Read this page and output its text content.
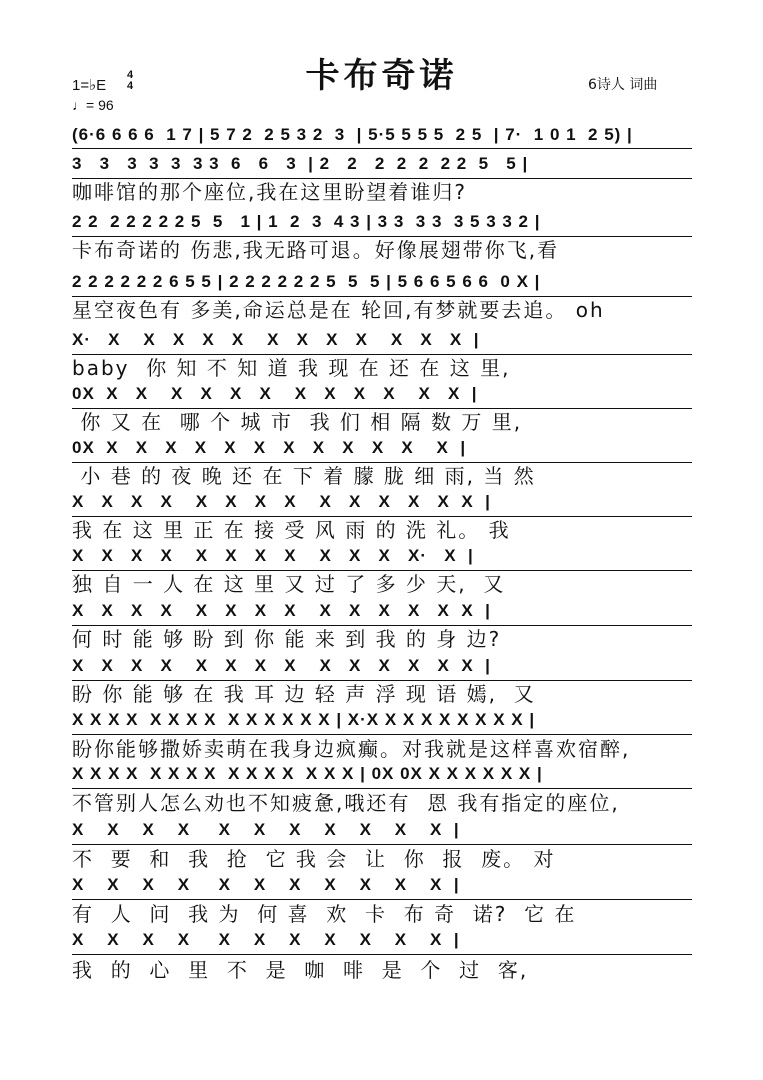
卡布奇诺
1=♭E
4
4
♩= 96
6诗人 词曲
(6·6 6 6 6  1 7 | 5 7 2  2 5 3 2  3  | 5·5 5 5 5  2 5  | 7·  1 0 1  2 5) |
3   3   3  3  3  3 3  6   6   3  | 2   2   2  2  2  2 2  5   5 |
咖啡馆的那个座位,我在这里盼望着谁归?
2 2  2 2 2 2 2 5  5   1 | 1  2  3  4 3 | 3 3  3 3  3 5 3 3 2 |
卡布奇诺的 伤悲,我无路可退。好像展翅带你飞,看
2 2 2 2 2 2 6 5 5 | 2 2 2 2 2 2 5  5  5 | 5 6 6 5 6 6  0 X |
星空夜色有 多美,命运总是在 轮回,有梦就要去追。 oh
X·   X    X   X   X   X    X   X   X   X    X   X   X  |
baby  你 知 不 知 道 我 现 在 还 在 这 里,
0X  X   X    X   X   X   X    X   X   X   X    X   X  |
你 又 在  哪 个 城 市  我 们 相 隔 数 万 里,
0X  X   X   X   X   X   X   X   X   X   X   X    X  |
小 巷 的 夜 晚 还 在 下 着 朦 胧 细 雨, 当 然
X   X   X   X    X   X   X   X    X   X   X   X   X  X  |
我 在 这 里 正 在 接 受 风 雨 的 洗 礼。 我
X   X   X   X    X   X   X   X    X   X   X   X·   X  |
独 自 一 人 在 这 里 又 过 了 多 少 天,  又
X   X   X   X    X   X   X   X    X   X   X   X   X  X  |
何 时 能 够 盼 到 你 能 来 到 我 的 身 边?
X   X   X   X    X   X   X   X    X   X   X   X   X  X  |
盼 你 能 够 在 我 耳 边 轻 声 浮 现 语 嫣,  又
X X X X  X X X X  X X X X X X | X·X X X X X X X X X |
盼你能够撒娇卖萌在我身边疯癫。对我就是这样喜欢宿醉,
X X X X  X X X X  X X X X  X X X | 0X 0X X X X X X X |
不管别人怎么劝也不知疲惫,哦还有  恩 我有指定的座位,
X    X    X    X     X    X    X    X    X    X    X  |
不  要  和  我  抢  它 我 会  让  你  报  废。 对
X    X    X    X     X    X    X    X    X    X    X  |
有  人  问  我 为  何 喜  欢  卡  布 奇  诺?  它 在
X    X    X    X     X    X    X    X    X    X    X  |
我  的  心  里  不  是  咖  啡  是  个  过  客,
